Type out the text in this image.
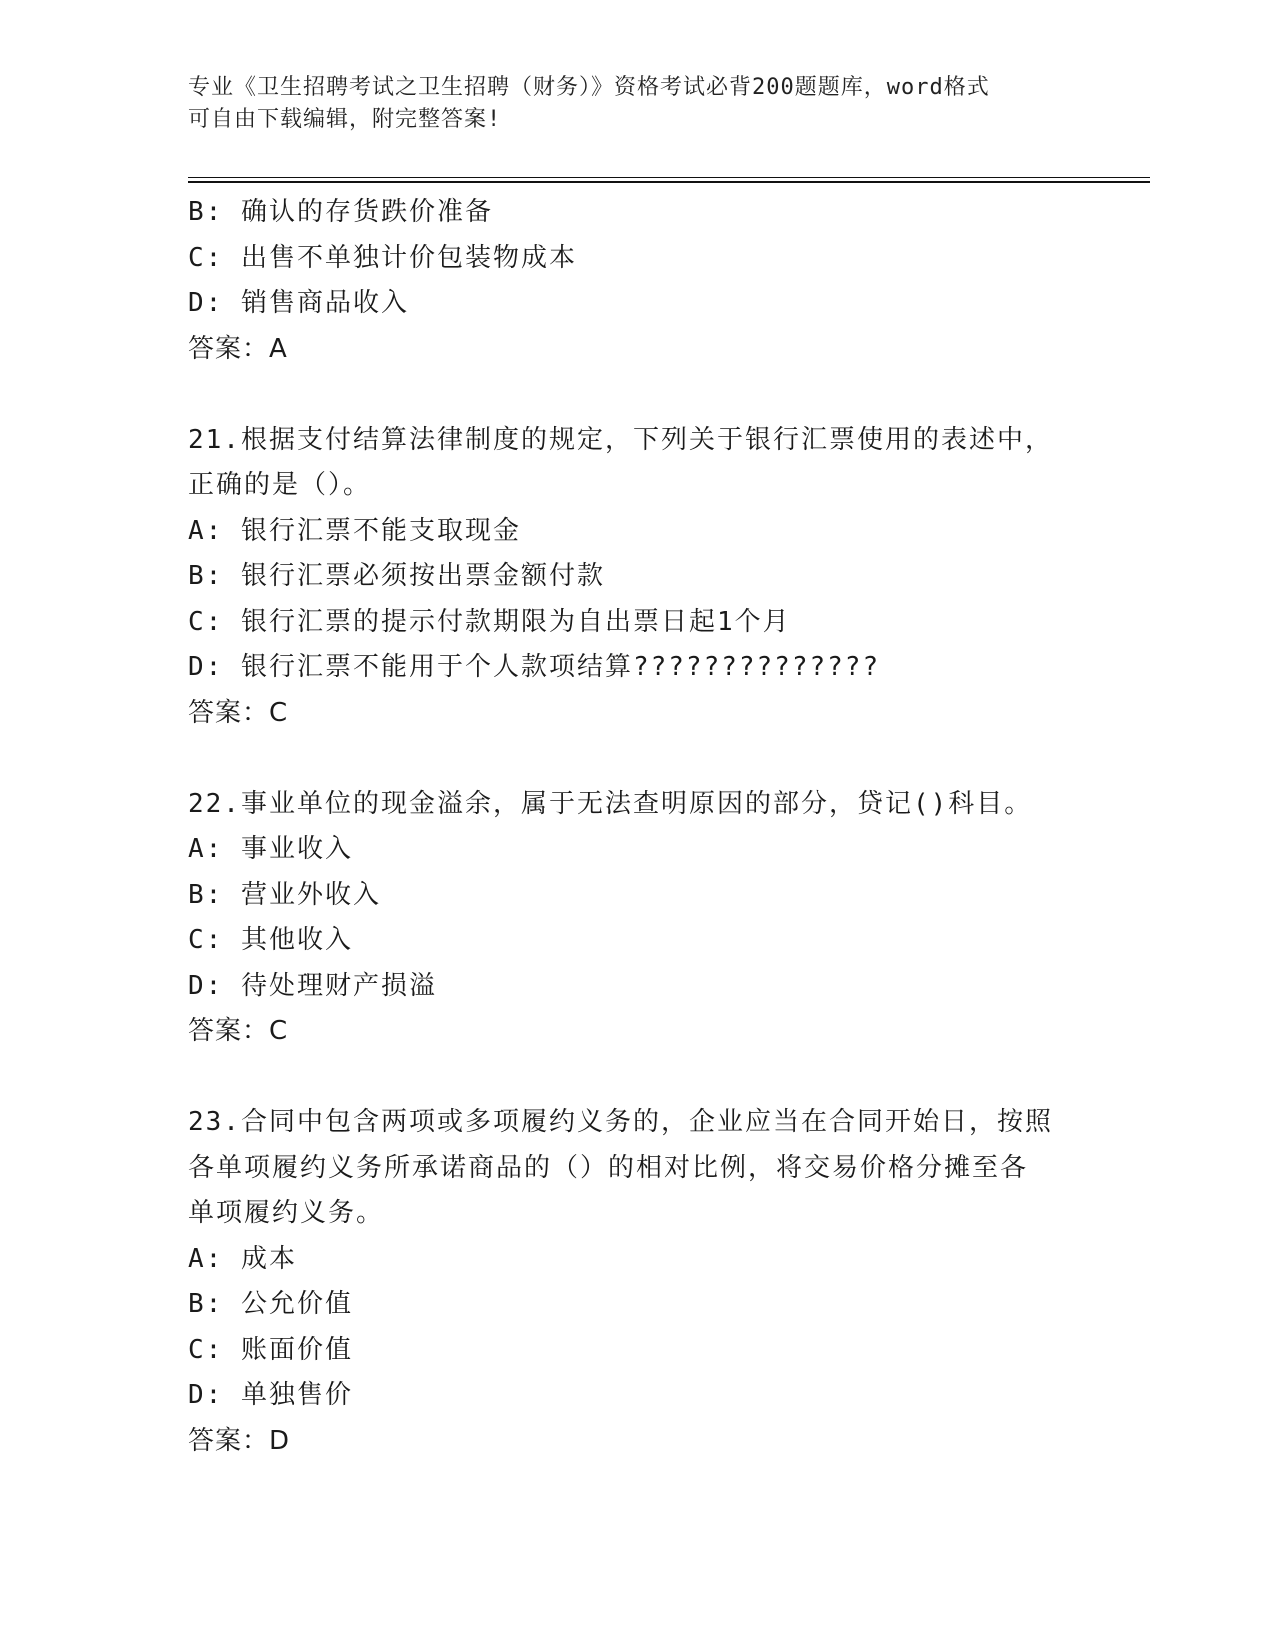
专业《卫生招聘考试之卫生招聘（财务）》资格考试必背200题题库，word格式
可自由下载编辑，附完整答案!
B: 确认的存货跌价准备
C: 出售不单独计价包装物成本
D: 销售商品收入
答案：A
21.根据支付结算法律制度的规定，下列关于银行汇票使用的表述中，
正确的是（）。
A: 银行汇票不能支取现金
B: 银行汇票必须按出票金额付款
C: 银行汇票的提示付款期限为自出票日起1个月
D: 银行汇票不能用于个人款项结算??????????????
答案：C
22.事业单位的现金溢余，属于无法查明原因的部分，贷记()科目。
A: 事业收入
B: 营业外收入
C: 其他收入
D: 待处理财产损溢
答案：C
23.合同中包含两项或多项履约义务的，企业应当在合同开始日，按照
各单项履约义务所承诺商品的（）的相对比例，将交易价格分摊至各
单项履约义务。
A: 成本
B: 公允价值
C: 账面价值
D: 单独售价
答案：D
